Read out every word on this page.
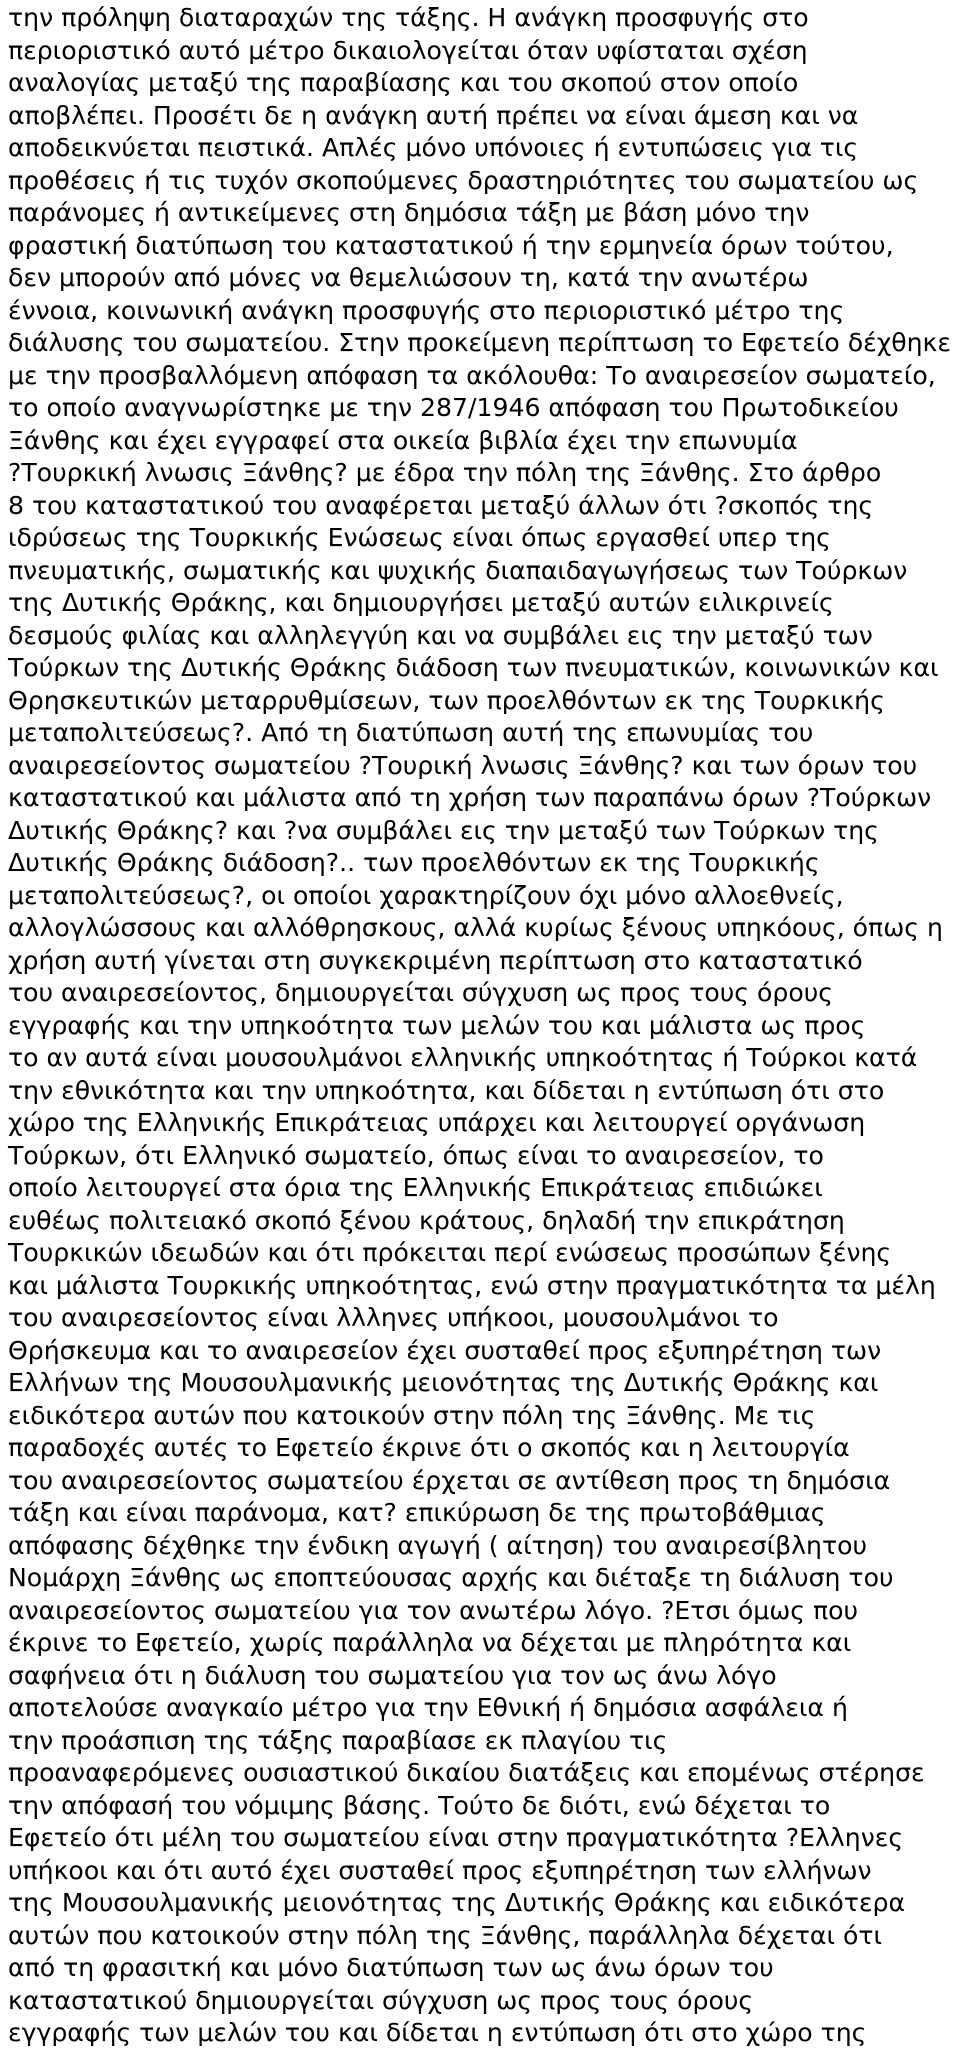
την πρόληψη διαταραχών της τάξης. Η ανάγκη προσφυγής στο
περιοριστικό αυτό μέτρο δικαιολογείται όταν υφίσταται σχέση
αναλογίας μεταξύ της παραβίασης και του σκοπού στον οποίο
αποβλέπει. Προσέτι δε η ανάγκη αυτή πρέπει να είναι άμεση και να
αποδεικνύεται πειστικά. Απλές μόνο υπόνοιες ή εντυπώσεις για τις
προθέσεις ή τις τυχόν σκοπούμενες δραστηριότητες του σωματείου ως
παράνομες ή αντικείμενες στη δημόσια τάξη με βάση μόνο την
φραστική διατύπωση του καταστατικού ή την ερμηνεία όρων τούτου,
δεν μπορούν από μόνες να θεμελιώσουν τη, κατά την ανωτέρω
έννοια, κοινωνική ανάγκη προσφυγής στο περιοριστικό μέτρο της
διάλυσης του σωματείου. Στην προκείμενη περίπτωση το Εφετείο δέχθηκε
με την προσβαλλόμενη απόφαση τα ακόλουθα: Το αναιρεσείον σωματείο,
το οποίο αναγνωρίστηκε με την 287/1946 απόφαση του Πρωτοδικείου
Ξάνθης και έχει εγγραφεί στα οικεία βιβλία έχει την επωνυμία
?Τουρκική λνωσις Ξάνθης? με έδρα την πόλη της Ξάνθης. Στο άρθρο
8 του καταστατικού του αναφέρεται μεταξύ άλλων ότι ?σκοπός της
ιδρύσεως της Τουρκικής Ενώσεως είναι όπως εργασθεί υπερ της
πνευματικής, σωματικής και ψυχικής διαπαιδαγωγήσεως των Τούρκων
της Δυτικής Θράκης, και δημιουργήσει μεταξύ αυτών ειλικρινείς
δεσμούς φιλίας και αλληλεγγύη και να συμβάλει εις την μεταξύ των
Τούρκων της Δυτικής Θράκης διάδοση των πνευματικών, κοινωνικών και
Θρησκευτικών μεταρρυθμίσεων, των προελθόντων εκ της Τουρκικής
μεταπολιτεύσεως?. Από τη διατύπωση αυτή της επωνυμίας του
αναιρεσείοντος σωματείου ?Τουρική λνωσις Ξάνθης? και των όρων του
καταστατικού και μάλιστα από τη χρήση των παραπάνω όρων ?Τούρκων
Δυτικής Θράκης? και ?να συμβάλει εις την μεταξύ των Τούρκων της
Δυτικής Θράκης διάδοση?.. των προελθόντων εκ της Τουρκικής
μεταπολιτεύσεως?, οι οποίοι χαρακτηρίζουν όχι μόνο αλλοεθνείς,
αλλογλώσσους και αλλόθρησκους, αλλά κυρίως ξένους υπηκόους, όπως η
χρήση αυτή γίνεται στη συγκεκριμένη περίπτωση στο καταστατικό
του αναιρεσείοντος, δημιουργείται σύγχυση ως προς τους όρους
εγγραφής και την υπηκοότητα των μελών του και μάλιστα ως προς
το αν αυτά είναι μουσουλμάνοι ελληνικής υπηκοότητας ή Τούρκοι κατά
την εθνικότητα και την υπηκοότητα, και δίδεται η εντύπωση ότι στο
χώρο της Ελληνικής Επικράτειας υπάρχει και λειτουργεί οργάνωση
Τούρκων, ότι Ελληνικό σωματείο, όπως είναι το αναιρεσείον, το
οποίο λειτουργεί στα όρια της Ελληνικής Επικράτειας επιδιώκει
ευθέως πολιτειακό σκοπό ξένου κράτους, δηλαδή την επικράτηση
Τουρκικών ιδεωδών και ότι πρόκειται περί ενώσεως προσώπων ξένης
και μάλιστα Τουρκικής υπηκοότητας, ενώ στην πραγματικότητα τα μέλη
του αναιρεσείοντος είναι λλληνες υπήκοοι, μουσουλμάνοι το
Θρήσκευμα και το αναιρεσείον έχει συσταθεί προς εξυπηρέτηση των
Ελλήνων της Μουσουλμανικής μειονότητας της Δυτικής Θράκης και
ειδικότερα αυτών που κατοικούν στην πόλη της Ξάνθης. Με τις
παραδοχές αυτές το Εφετείο έκρινε ότι ο σκοπός και η λειτουργία
του αναιρεσείοντος σωματείου έρχεται σε αντίθεση προς τη δημόσια
τάξη και είναι παράνομα, κατ? επικύρωση δε της πρωτοβάθμιας
απόφασης δέχθηκε την ένδικη αγωγή ( αίτηση) του αναιρεσίβλητου
Νομάρχη Ξάνθης ως εποπτεύουσας αρχής και διέταξε τη διάλυση του
αναιρεσείοντος σωματείου για τον ανωτέρω λόγο. ?Ετσι όμως που
έκρινε το Εφετείο, χωρίς παράλληλα να δέχεται με πληρότητα και
σαφήνεια ότι η διάλυση του σωματείου για τον ως άνω λόγο
αποτελούσε αναγκαίο μέτρο για την Εθνική ή δημόσια ασφάλεια ή
την προάσπιση της τάξης παραβίασε εκ πλαγίου τις
προαναφερόμενες ουσιαστικού δικαίου διατάξεις και επομένως στέρησε
την απόφασή του νόμιμης βάσης. Τούτο δε διότι, ενώ δέχεται το
Εφετείο ότι μέλη του σωματείου είναι στην πραγματικότητα ?Ελληνες
υπήκοοι και ότι αυτό έχει συσταθεί προς εξυπηρέτηση των ελλήνων
της Μουσουλμανικής μειονότητας της Δυτικής Θράκης και ειδικότερα
αυτών που κατοικούν στην πόλη της Ξάνθης, παράλληλα δέχεται ότι
από τη φρασιτκή και μόνο διατύπωση των ως άνω όρων του
καταστατικού δημιουργείται σύγχυση ως προς τους όρους
εγγραφής των μελών του και δίδεται η εντύπωση ότι στο χώρο της
